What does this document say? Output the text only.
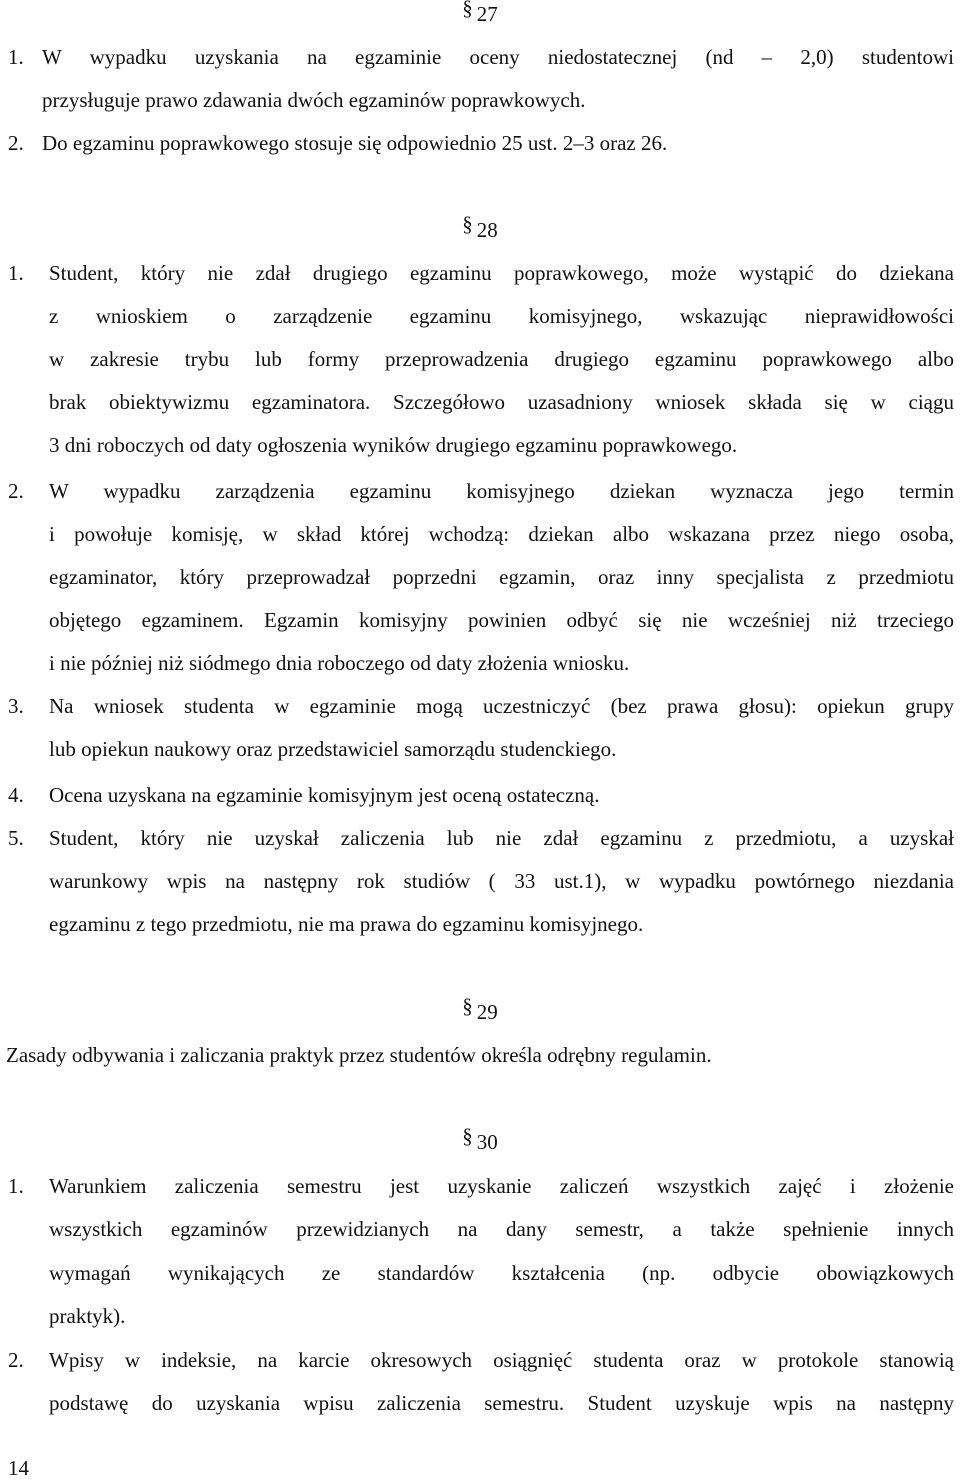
§ 27
1. W wypadku uzyskania na egzaminie oceny niedostatecznej (nd – 2,0) studentowi
przysługuje prawo zdawania dwóch egzaminów poprawkowych.
2. Do egzaminu poprawkowego stosuje się odpowiednio 25 ust. 2–3 oraz 26.
§ 28
1. Student, który nie zdał drugiego egzaminu poprawkowego, może wystąpić do dziekana
z wnioskiem o zarządzenie egzaminu komisyjnego, wskazując nieprawidłowości
w zakresie trybu lub formy przeprowadzenia drugiego egzaminu poprawkowego albo
brak obiektywizmu egzaminatora. Szczegółowo uzasadniony wniosek składa się w ciągu
3 dni roboczych od daty ogłoszenia wyników drugiego egzaminu poprawkowego.
2. W wypadku zarządzenia egzaminu komisyjnego dziekan wyznacza jego termin
i powołuje komisję, w skład której wchodzą: dziekan albo wskazana przez niego osoba,
egzaminator, który przeprowadzał poprzedni egzamin, oraz inny specjalista z przedmiotu
objętego egzaminem. Egzamin komisyjny powinien odbyć się nie wcześniej niż trzeciego
i nie później niż siódmego dnia roboczego od daty złożenia wniosku.
3. Na wniosek studenta w egzaminie mogą uczestniczyć (bez prawa głosu): opiekun grupy
lub opiekun naukowy oraz przedstawiciel samorządu studenckiego.
4. Ocena uzyskana na egzaminie komisyjnym jest oceną ostateczną.
5. Student, który nie uzyskał zaliczenia lub nie zdał egzaminu z przedmiotu, a uzyskał
warunkowy wpis na następny rok studiów ( 33 ust.1), w wypadku powtórnego niezdania
egzaminu z tego przedmiotu, nie ma prawa do egzaminu komisyjnego.
§ 29
Zasady odbywania i zaliczania praktyk przez studentów określa odrębny regulamin.
§ 30
1. Warunkiem zaliczenia semestru jest uzyskanie zaliczeń wszystkich zajęć i złożenie
wszystkich egzaminów przewidzianych na dany semestr, a także spełnienie innych
wymagań wynikających ze standardów kształcenia (np. odbycie obowiązkowych
praktyk).
2. Wpisy w indeksie, na karcie okresowych osiągnięć studenta oraz w protokole stanowią
podstawę do uzyskania wpisu zaliczenia semestru. Student uzyskuje wpis na następny
14
